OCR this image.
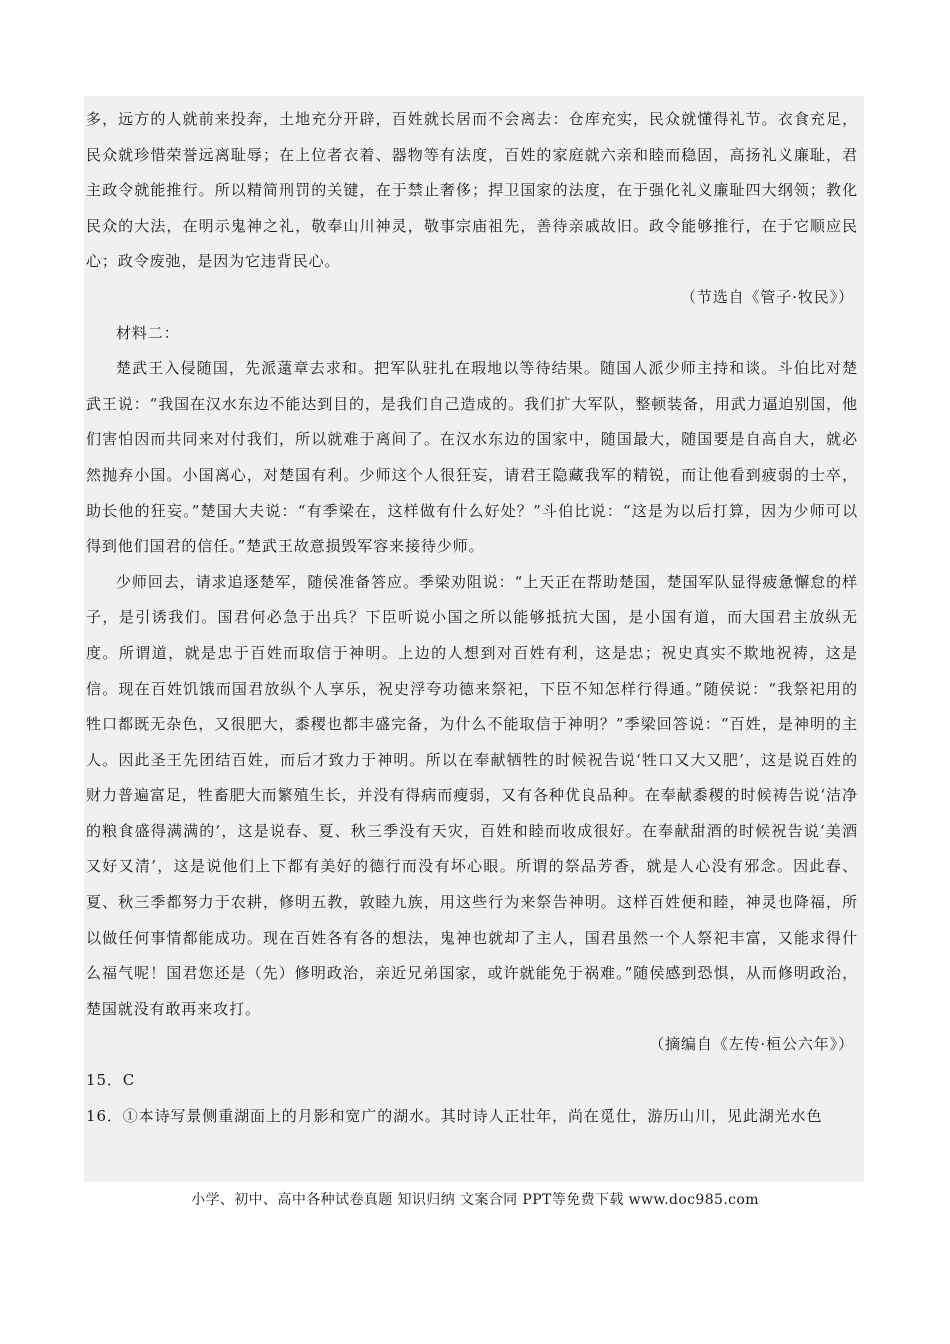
多，远方的人就前来投奔，土地充分开辟，百姓就长居而不会离去：仓库充实，民众就懂得礼节。衣食充足，民众就珍惜荣誉远离耻辱；在上位者衣着、器物等有法度，百姓的家庭就六亲和睦而稳固，高扬礼义廉耻，君主政令就能推行。所以精简刑罚的关键，在于禁止奢侈；捍卫国家的法度，在于强化礼义廉耻四大纲领；教化民众的大法，在明示鬼神之礼，敬奉山川神灵，敬事宗庙祖先，善待亲戚故旧。政令能够推行，在于它顺应民心；政令废弛，是因为它违背民心。

（节选自《管子·牧民》）

材料二：

楚武王入侵随国，先派薳章去求和。把军队驻扎在瑕地以等待结果。随国人派少师主持和谈。斗伯比对楚武王说：“我国在汉水东边不能达到目的，是我们自己造成的。我们扩大军队，整顿装备，用武力逼迫别国，他们害怕因而共同来对付我们，所以就难于离间了。在汉水东边的国家中，随国最大，随国要是自高自大，就必然抛弃小国。小国离心，对楚国有利。少师这个人很狂妄，请君王隐藏我军的精锐，而让他看到疲弱的士卒，助长他的狂妄。”楚国大夫说：“有季梁在，这样做有什么好处？”斗伯比说：“这是为以后打算，因为少师可以得到他们国君的信任。”楚武王故意损毁军容来接待少师。

少师回去，请求追逐楚军，随侯准备答应。季梁劝阻说：“上天正在帮助楚国，楚国军队显得疲惫懈怠的样子，是引诱我们。国君何必急于出兵？下臣听说小国之所以能够抵抗大国，是小国有道，而大国君主放纵无度。所谓道，就是忠于百姓而取信于神明。上边的人想到对百姓有利，这是忠；祝史真实不欺地祝祷，这是信。现在百姓饥饿而国君放纵个人享乐，祝史浮夸功德来祭祀，下臣不知怎样行得通。”随侯说：“我祭祀用的牲口都既无杂色，又很肥大，黍稷也都丰盛完备，为什么不能取信于神明？”季梁回答说：“百姓，是神明的主人。因此圣王先团结百姓，而后才致力于神明。所以在奉献牺牲的时候祝告说‘牲口又大又肥’，这是说百姓的财力普遍富足，牲畜肥大而繁殖生长，并没有得病而瘦弱，又有各种优良品种。在奉献黍稷的时候祷告说‘洁净的粮食盛得满满的’，这是说春、夏、秋三季没有天灾，百姓和睦而收成很好。在奉献甜酒的时候祝告说‘美酒又好又清’，这是说他们上下都有美好的德行而没有坏心眼。所谓的祭品芳香，就是人心没有邪念。因此春、夏、秋三季都努力于农耕，修明五教，敦睦九族，用这些行为来祭告神明。这样百姓便和睦，神灵也降福，所以做任何事情都能成功。现在百姓各有各的想法，鬼神也就却了主人，国君虽然一个人祭祀丰富，又能求得什么福气呢！国君您还是（先）修明政治，亲近兄弟国家，或许就能免于祸难。”随侯感到恐惧，从而修明政治，楚国就没有敢再来攻打。

（摘编自《左传·桓公六年》）

15．C

16．①本诗写景侧重湖面上的月影和宽广的湖水。其时诗人正壮年，尚在觅仕，游历山川，见此湖光水色

小学、初中、高中各种试卷真题 知识归纳 文案合同 PPT等免费下载 www.doc985.com
